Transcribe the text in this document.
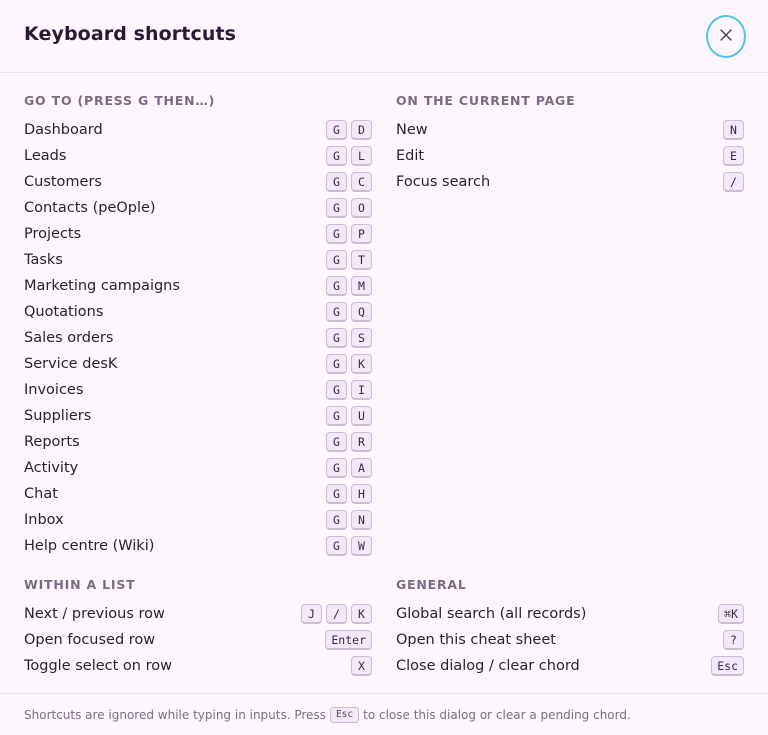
Keyboard shortcuts
GO TO (PRESS G THEN…)
Dashboard	G	D
Leads	G	L
Customers	G	C
Contacts (peOple)	G	O
Projects	G	P
Tasks	G	T
Marketing campaigns	G	M
Quotations	G	Q
Sales orders	G	S
Service desK	G	K
Invoices	G	I
Suppliers	G	U
Reports	G	R
Activity	G	A
Chat	G	H
Inbox	G	N
Help centre (Wiki)	G	W
ON THE CURRENT PAGE
New	N
Edit	E
Focus search	/
WITHIN A LIST
Next / previous row	J	/	K
Open focused row	Enter
Toggle select on row	X
GENERAL
Global search (all records)	⌘K
Open this cheat sheet	?
Close dialog / clear chord	Esc
Shortcuts are ignored while typing in inputs. Press	Esc to close this dialog or clear a pending chord.
